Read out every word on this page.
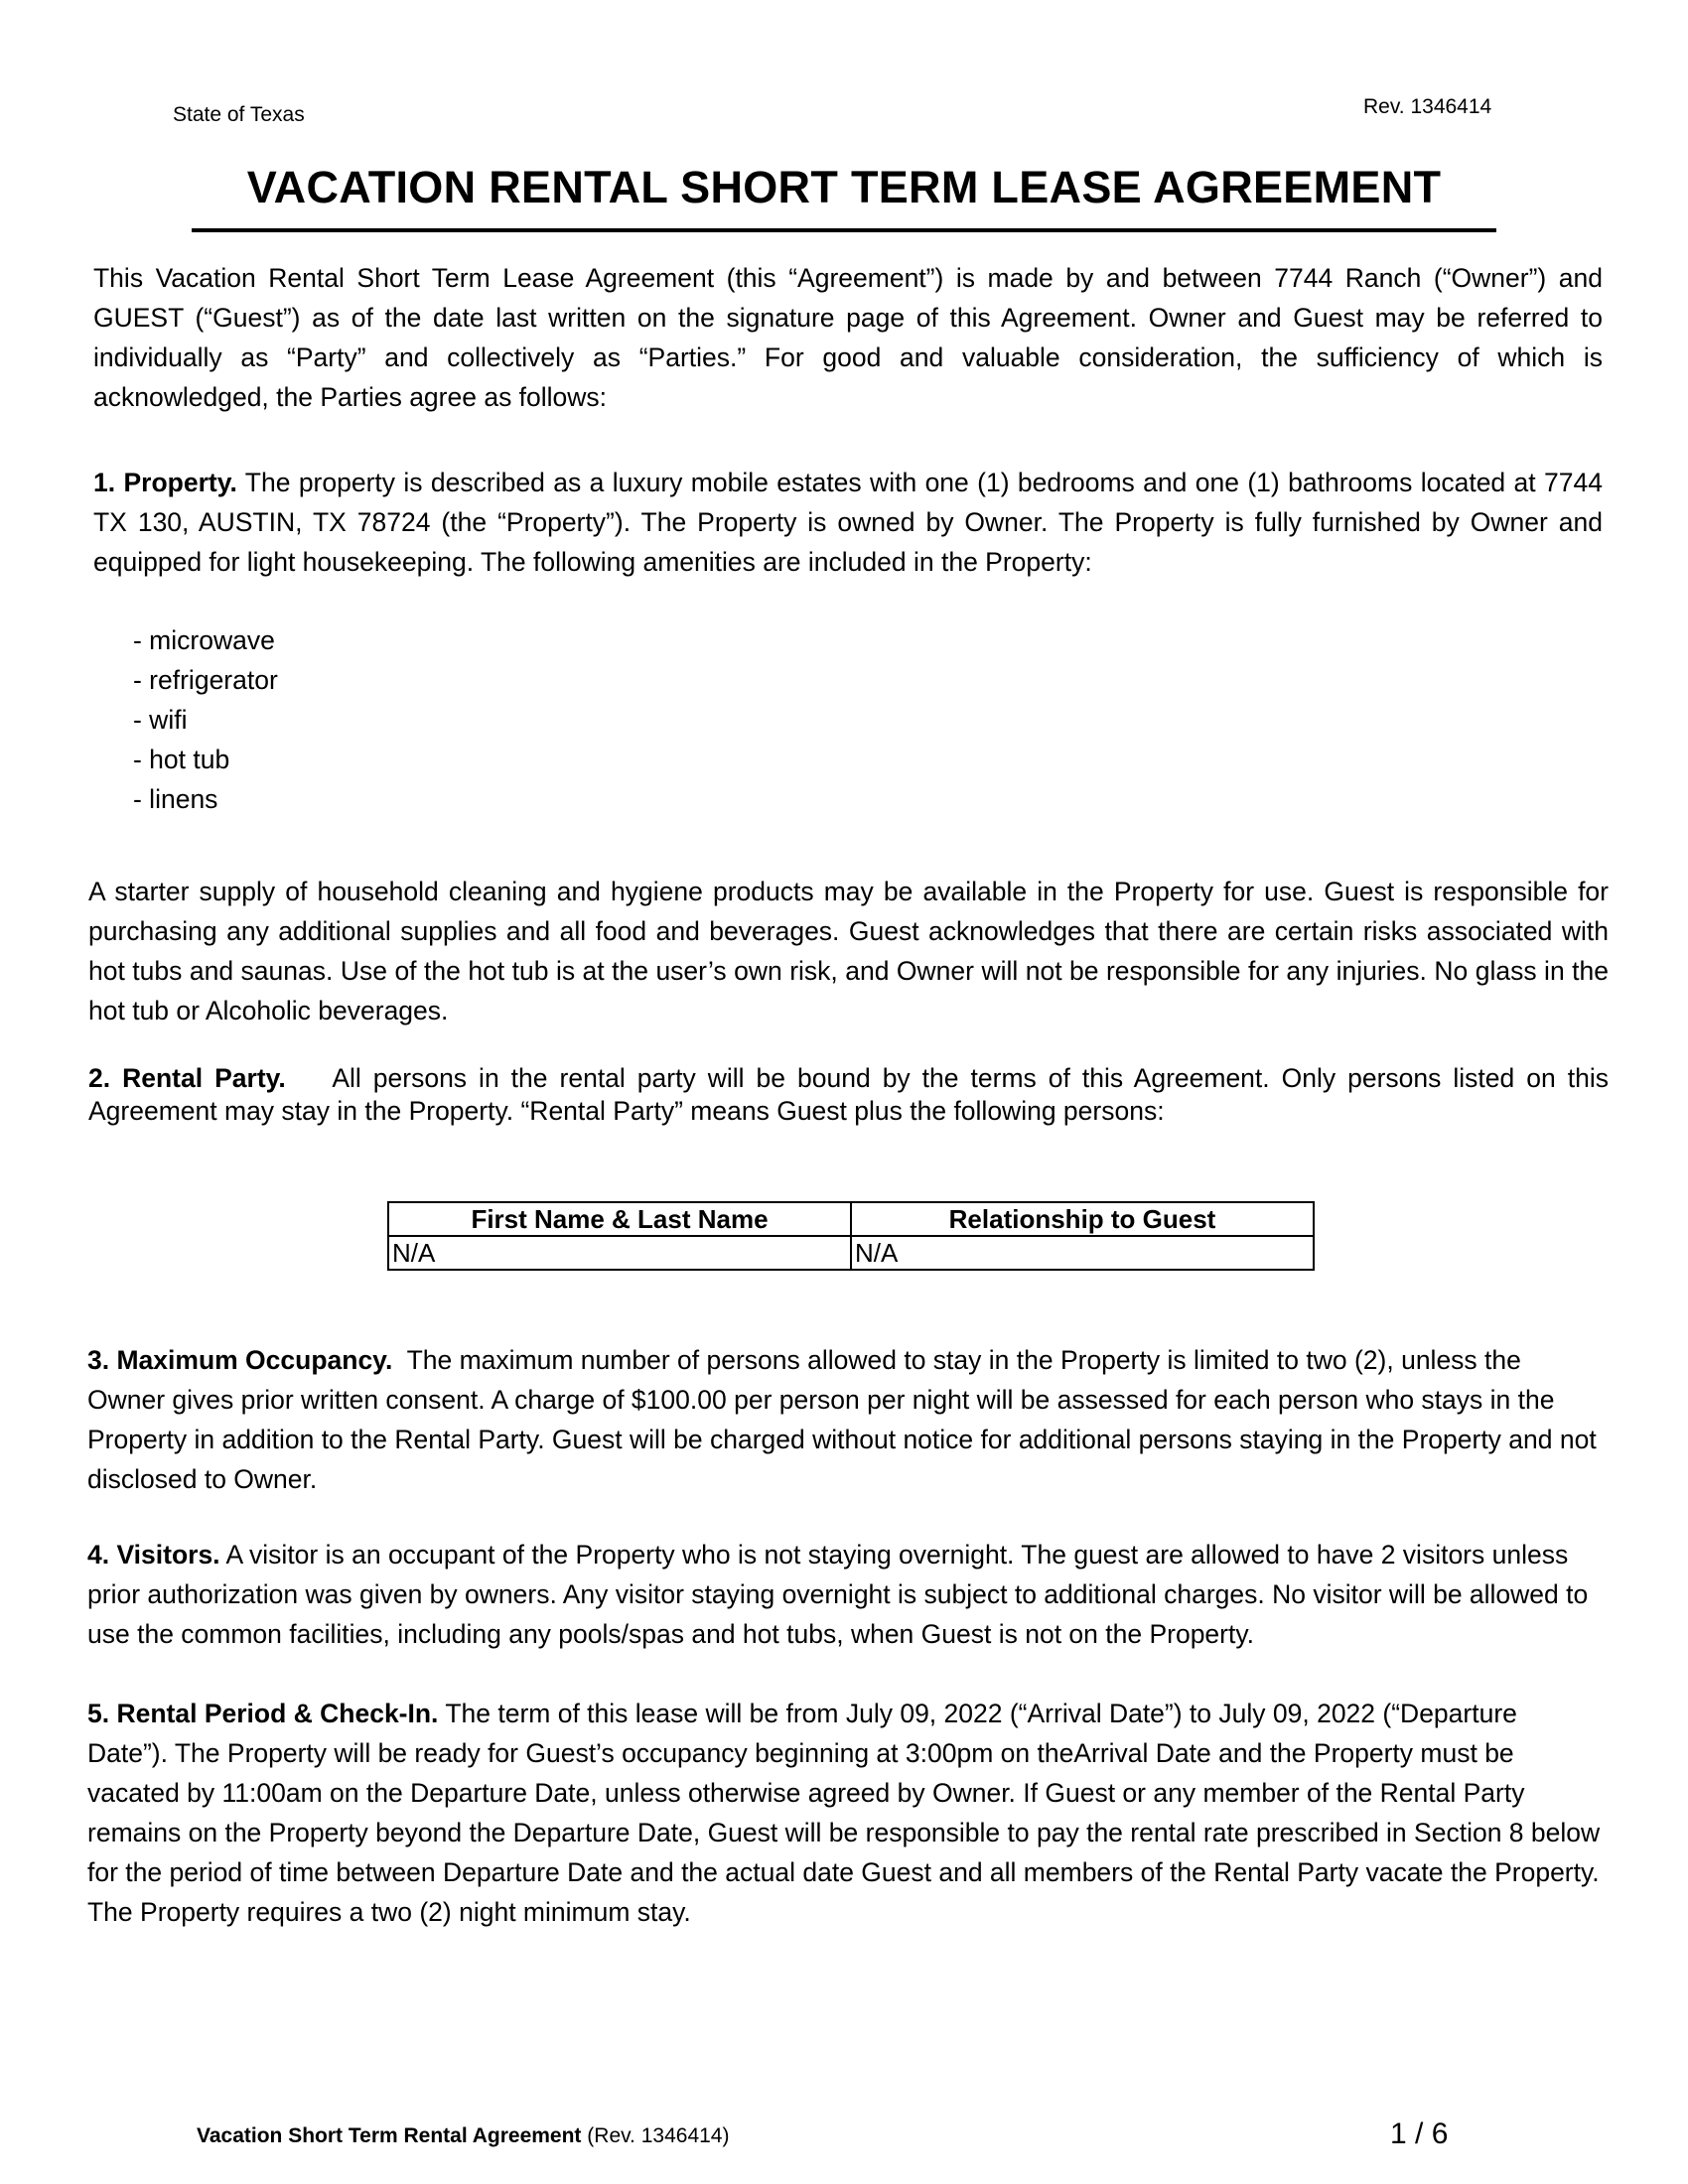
State of Texas	Rev. 1346414
VACATION RENTAL SHORT TERM LEASE AGREEMENT
This Vacation Rental Short Term Lease Agreement (this “Agreement”) is made by and between 7744 Ranch (“Owner”) and GUEST (“Guest”) as of the date last written on the signature page of this Agreement. Owner and Guest may be referred to individually as “Party” and collectively as “Parties.” For good and valuable consideration, the sufficiency of which is acknowledged, the Parties agree as follows:
1. Property. The property is described as a luxury mobile estates with one (1) bedrooms and one (1) bathrooms located at 7744 TX 130, AUSTIN, TX 78724 (the “Property”). The Property is owned by Owner. The Property is fully furnished by Owner and equipped for light housekeeping. The following amenities are included in the Property:
- microwave
- refrigerator
- wifi
- hot tub
- linens
A starter supply of household cleaning and hygiene products may be available in the Property for use. Guest is responsible for purchasing any additional supplies and all food and beverages. Guest acknowledges that there are certain risks associated with hot tubs and saunas. Use of the hot tub is at the user’s own risk, and Owner will not be responsible for any injuries. No glass in the hot tub or Alcoholic beverages.
2. Rental Party. All persons in the rental party will be bound by the terms of this Agreement. Only persons listed on this Agreement may stay in the Property. “Rental Party” means Guest plus the following persons:
First Name & Last Name	Relationship to Guest
N/A	N/A
3. Maximum Occupancy. The maximum number of persons allowed to stay in the Property is limited to two (2), unless the Owner gives prior written consent. A charge of $100.00 per person per night will be assessed for each person who stays in the Property in addition to the Rental Party. Guest will be charged without notice for additional persons staying in the Property and not disclosed to Owner.
4. Visitors. A visitor is an occupant of the Property who is not staying overnight. The guest are allowed to have 2 visitors unless prior authorization was given by owners. Any visitor staying overnight is subject to additional charges. No visitor will be allowed to use the common facilities, including any pools/spas and hot tubs, when Guest is not on the Property.
5. Rental Period & Check-In. The term of this lease will be from July 09, 2022 (“Arrival Date”) to July 09, 2022 (“Departure Date”). The Property will be ready for Guest’s occupancy beginning at 3:00pm on theArrival Date and the Property must be vacated by 11:00am on the Departure Date, unless otherwise agreed by Owner. If Guest or any member of the Rental Party remains on the Property beyond the Departure Date, Guest will be responsible to pay the rental rate prescribed in Section 8 below for the period of time between Departure Date and the actual date Guest and all members of the Rental Party vacate the Property. The Property requires a two (2) night minimum stay.
Vacation Short Term Rental Agreement (Rev. 1346414)	1 / 6
